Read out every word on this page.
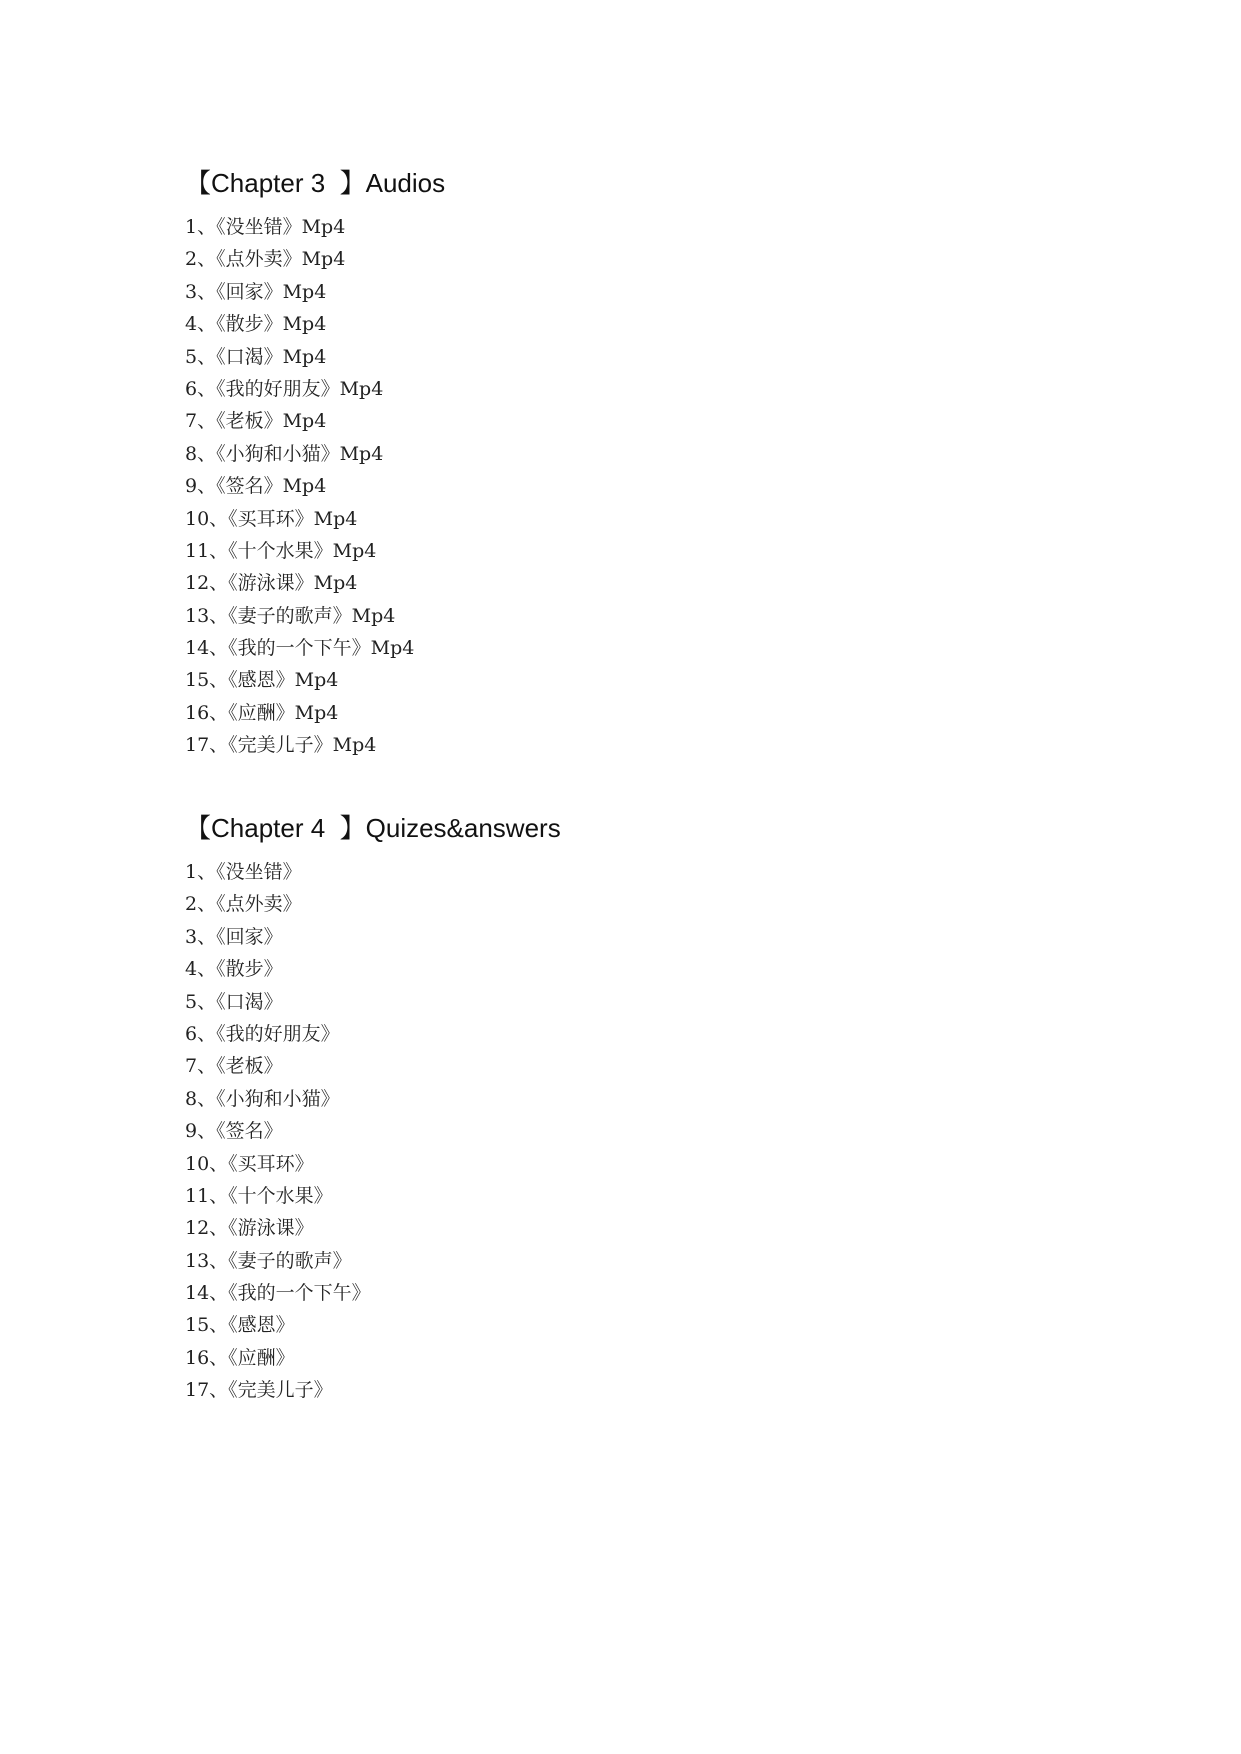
【Chapter 3  】Audios
1、《没坐错》Mp4
2、《点外卖》Mp4
3、《回家》Mp4
4、《散步》Mp4
5、《口渴》Mp4
6、《我的好朋友》Mp4
7、《老板》Mp4
8、《小狗和小猫》Mp4
9、《签名》Mp4
10、《买耳环》Mp4
11、《十个水果》Mp4
12、《游泳课》Mp4
13、《妻子的歌声》Mp4
14、《我的一个下午》Mp4
15、《感恩》Mp4
16、《应酬》Mp4
17、《完美儿子》Mp4
【Chapter 4  】Quizes&answers
1、《没坐错》
2、《点外卖》
3、《回家》
4、《散步》
5、《口渴》
6、《我的好朋友》
7、《老板》
8、《小狗和小猫》
9、《签名》
10、《买耳环》
11、《十个水果》
12、《游泳课》
13、《妻子的歌声》
14、《我的一个下午》
15、《感恩》
16、《应酬》
17、《完美儿子》
